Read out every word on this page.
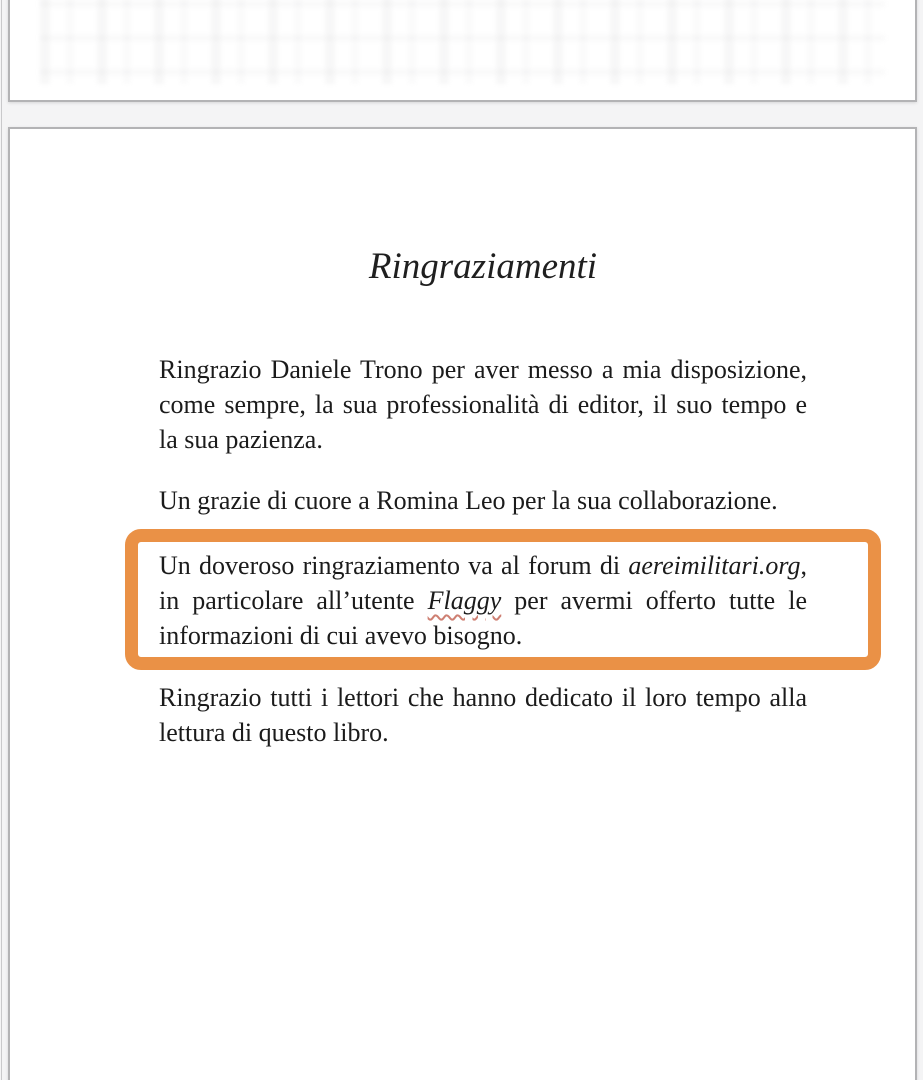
Ringraziamenti
Ringrazio Daniele Trono per aver messo a mia disposizione,
come sempre, la sua professionalità di editor, il suo tempo e
la sua pazienza.
Un grazie di cuore a Romina Leo per la sua collaborazione.
Un doveroso ringraziamento va al forum di aereimilitari.org,
in particolare all’utente Flaggy per avermi offerto tutte le
informazioni di cui avevo bisogno.
Ringrazio tutti i lettori che hanno dedicato il loro tempo alla
lettura di questo libro.
